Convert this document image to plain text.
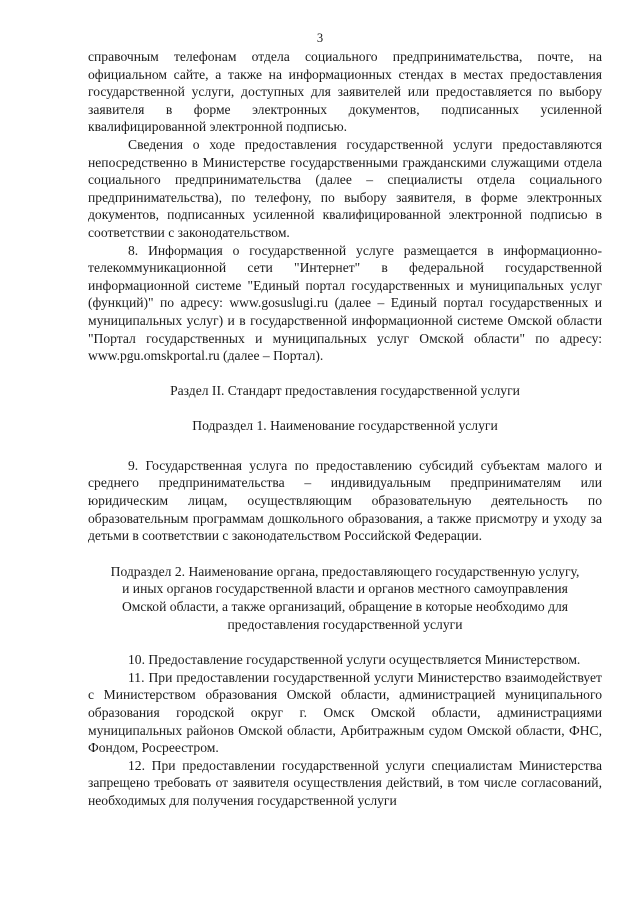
3

справочным телефонам отдела социального предпринимательства, почте, на официальном сайте, а также на информационных стендах в местах предоставления государственной услуги, доступных для заявителей или предоставляется по выбору заявителя в форме электронных документов, подписанных усиленной квалифицированной электронной подписью.

Сведения о ходе предоставления государственной услуги предоставляются непосредственно в Министерстве государственными гражданскими служащими отдела социального предпринимательства (далее – специалисты отдела социального предпринимательства), по телефону, по выбору заявителя, в форме электронных документов, подписанных усиленной квалифицированной электронной подписью в соответствии с законодательством.

8. Информация о государственной услуге размещается в информационно-телекоммуникационной сети "Интернет" в федеральной государственной информационной системе "Единый портал государственных и муниципальных услуг (функций)" по адресу: www.gosuslugi.ru (далее – Единый портал государственных и муниципальных услуг) и в государственной информационной системе Омской области "Портал государственных и муниципальных услуг Омской области" по адресу: www.pgu.omskportal.ru (далее – Портал).

Раздел II. Стандарт предоставления государственной услуги

Подраздел 1. Наименование государственной услуги

9. Государственная услуга по предоставлению субсидий субъектам малого и среднего предпринимательства – индивидуальным предпринимателям или юридическим лицам, осуществляющим образовательную деятельность по образовательным программам дошкольного образования, а также присмотру и уходу за детьми в соответствии с законодательством Российской Федерации.

Подраздел 2. Наименование органа, предоставляющего государственную услугу, и иных органов государственной власти и органов местного самоуправления Омской области, а также организаций, обращение в которые необходимо для предоставления государственной услуги

10. Предоставление государственной услуги осуществляется Министерством.

11. При предоставлении государственной услуги Министерство взаимодействует с Министерством образования Омской области, администрацией муниципального образования городской округ г. Омск Омской области, администрациями муниципальных районов Омской области, Арбитражным судом Омской области, ФНС, Фондом, Росреестром.

12. При предоставлении государственной услуги специалистам Министерства запрещено требовать от заявителя осуществления действий, в том числе согласований, необходимых для получения государственной услуги
